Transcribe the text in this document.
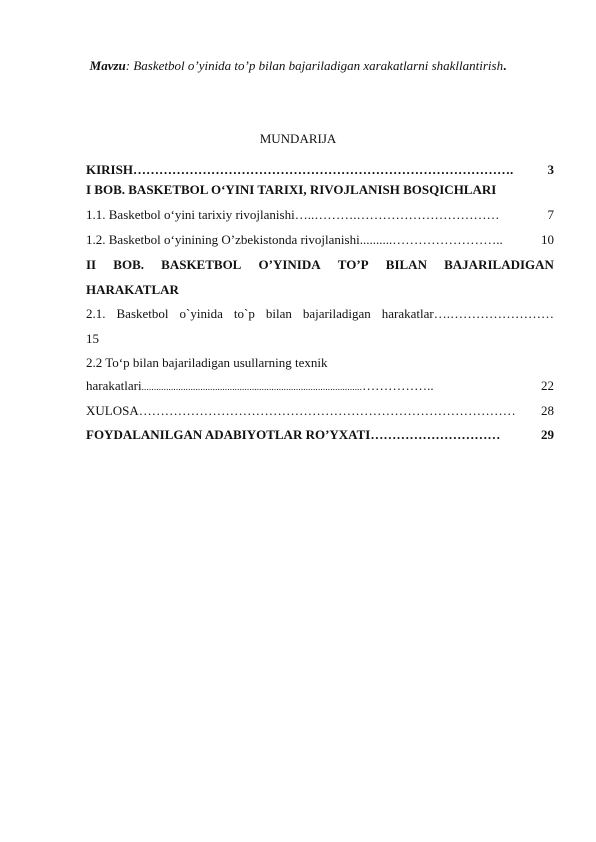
Mavzu: Basketbol o’yinida to’p bilan bajariladigan xarakatlarni shakllantirish.
MUNDARIJA
KIRISH…………………………………………………………………………….	3
I BOB. BASKETBOL O‘YINI TARIXI, RIVOJLANISH BOSQICHLARI
1.1. Basketbol o‘yini tarixiy rivojlanishi…..……….……………………………	7
1.2. Basketbol o‘yinining O’zbekistonda rivojlanishi..........……………………..	10
II BOB. BASKETBOL O’YINIDA TO’P BILAN BAJARILADIGAN
HARAKATLAR
2.1. Basketbol o`yinida to`p bilan bajariladigan harakatlar….……………………
15
2.2 To‘p bilan bajariladigan usullarning texnik
harakatlari..........................................................................................……………..	22
XULOSA……………………………………………………………………………	28
FOYDALANILGAN ADABIYOTLAR RO’YXATI…………………………	29
